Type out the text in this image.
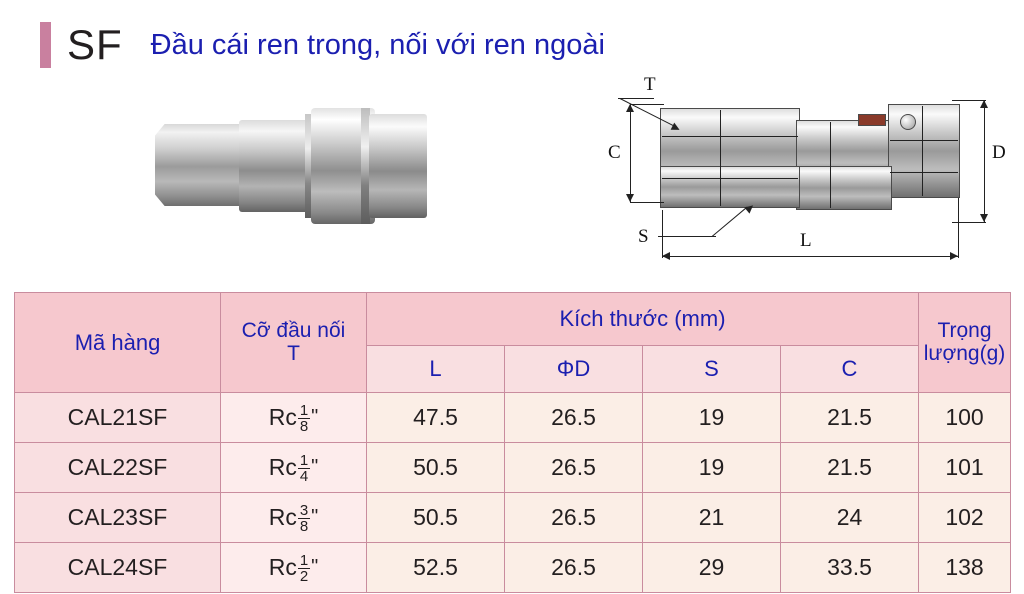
SF Đầu cái ren trong, nối với ren ngoài
T
C
S	L
D
Mã hàng	Cỡ đầu nối
T	Kích thước (mm)				Trọng
lượng(g)

		L	ΦD	S	C	
CAL21SF	Rc $\frac{1}{8}$ "	47.5	26.5	19	21.5	100
CAL22SF	Rc $\frac{1}{4}$ "	50.5	26.5	19	21.5	101
CAL23SF	Rc $\frac{3}{8}$ "	50.5	26.5	21	24	102
CAL24SF	Rc $\frac{1}{2}$ "	52.5	26.5	29	33.5	138
